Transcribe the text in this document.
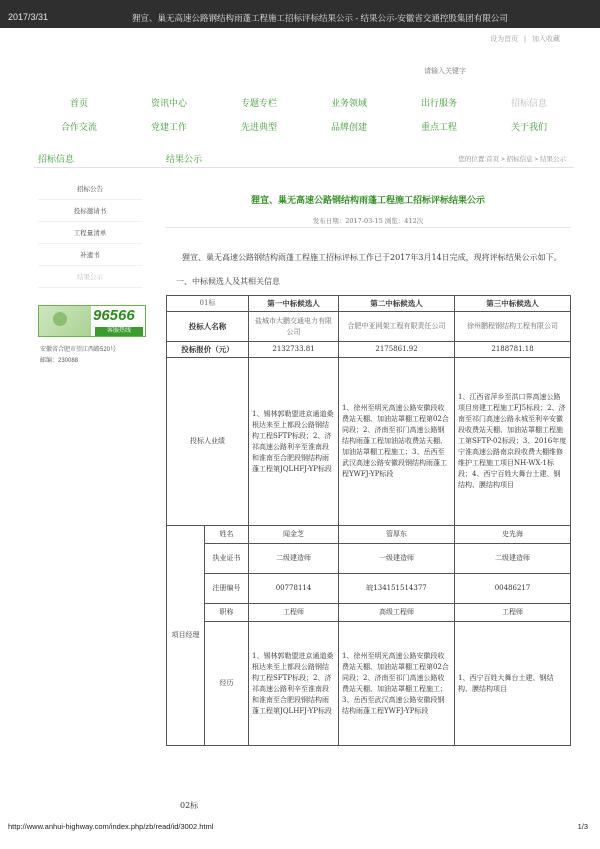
2017/3/31	狸宣、巢无高速公路钢结构雨蓬工程施工招标评标结果公示 - 结果公示-安徽省交通控股集团有限公司
设为首页 | 加入收藏
请输入关键字
首页	资讯中心	专题专栏	业务领域	出行服务	招标信息
合作交流	党建工作	先进典型	品牌创建	重点工程	关于我们
招标信息	结果公示	您的位置:首页 > 招标信息 > 结果公示
招标公告
投标邀请书
工程量清单
补遗书
结果公示
96566
客服热线
安徽省合肥市望江西路520号
邮编：230088
狸宣、巢无高速公路钢结构雨蓬工程施工招标评标结果公示
发布日期：2017-03-15 浏览：412次
狸宣、巢无高速公路钢结构雨蓬工程施工招标评标工作已于2017年3月14日完成，现将评标结果公示如下。
一、中标候选人及其相关信息
01标		第一中标候选人	第二中标候选人	第三中标候选人
投标人名称		盐城市大鹏交通电力有限公司	合肥中亚网架工程有限责任公司	徐州鹏程钢结构工程有限公司
投标报价（元）		2132733.81	2175861.92	2188781.18
投标人业绩		1、锡林郭勒盟进京通道桑根达来至上都段公路钢结构工程SFTP标段；2、济祁高速公路利辛至淮南段和淮南至合肥段钢结构雨蓬工程第JQLHFJ-YP标段	1、徐州至明光高速公路安徽段收费站天棚、加油站罩棚工程第02合同段；2、济南至祁门高速公路钢结构雨蓬工程加油站收费站天棚、加油站罩棚工程施工；3、岳西至武汉高速公路安徽段钢结构雨蓬工程YWFJ-YP标段	1、江西省萍乡至洪口界高速公路项目房建工程施工FJ5标段；2、济南至祁门高速公路永城至利辛安徽段收费站天棚、加油站罩棚工程施工第SFTP-02标段；3、2016年度宁淮高速公路南京段收费大棚维修维护工程施工项目NH-WX-1标段；4、西宁百姓大舞台土建、钢结构、膜结构项目
项目经理	姓名	闻金芝	管厚东	史先海
	执业证书	二级建造师	一级建造师	二级建造师
	注册编号	00778114	皖134151514377	00486217
	职称	工程师	高级工程师	工程师
	经历	1、锡林郭勒盟进京通道桑根达来至上都段公路钢结构工程SFTP标段；2、济祁高速公路利辛至淮南段和淮南至合肥段钢结构雨蓬工程第JQLHFJ-YP标段	1、徐州至明光高速公路安徽段收费站天棚、加油站罩棚工程第02合同段；2、济南至祁门高速公路收费站天棚、加油站罩棚工程施工；3、岳西至武汉高速公路安徽段钢结构雨蓬工程YWFJ-YP标段	1、西宁百姓大舞台土建、钢结构、膜结构项目
02标
http://www.anhui-highway.com/index.php/zb/read/id/3002.html	1/3
